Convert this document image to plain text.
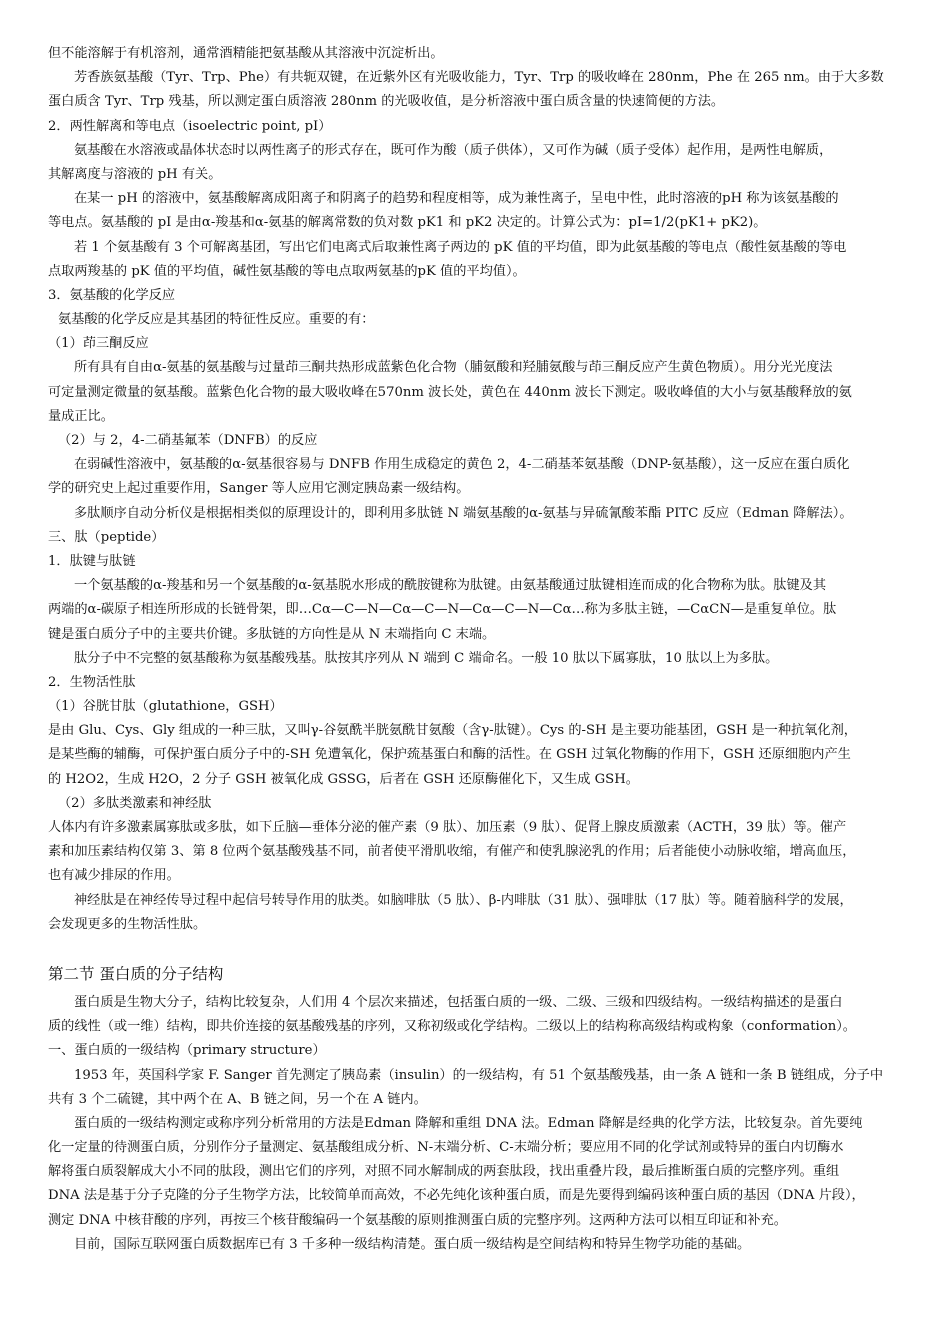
但不能溶解于有机溶剂，通常酒精能把氨基酸从其溶液中沉淀析出。
芳香族氨基酸（Tyr、Trp、Phe）有共轭双键，在近紫外区有光吸收能力，Tyr、Trp 的吸收峰在 280nm，Phe 在 265 nm。由于大多数
蛋白质含 Tyr、Trp 残基，所以测定蛋白质溶液 280nm 的光吸收值，是分析溶液中蛋白质含量的快速简便的方法。
2．两性解离和等电点（isoelectric point, pI）
氨基酸在水溶液或晶体状态时以两性离子的形式存在，既可作为酸（质子供体），又可作为碱（质子受体）起作用，是两性电解质，
其解离度与溶液的 pH 有关。
在某一 pH 的溶液中，氨基酸解离成阳离子和阴离子的趋势和程度相等，成为兼性离子，呈电中性，此时溶液的pH 称为该氨基酸的
等电点。氨基酸的 pI 是由α-羧基和α-氨基的解离常数的负对数 pK1 和 pK2 决定的。计算公式为：pI=1/2(pK1+ pK2)。
若 1 个氨基酸有 3 个可解离基团，写出它们电离式后取兼性离子两边的 pK 值的平均值，即为此氨基酸的等电点（酸性氨基酸的等电
点取两羧基的 pK 值的平均值，碱性氨基酸的等电点取两氨基的pK 值的平均值）。
3．氨基酸的化学反应
氨基酸的化学反应是其基团的特征性反应。重要的有：
（1）茚三酮反应
所有具有自由α-氨基的氨基酸与过量茚三酮共热形成蓝紫色化合物（脯氨酸和羟脯氨酸与茚三酮反应产生黄色物质）。用分光光度法
可定量测定微量的氨基酸。蓝紫色化合物的最大吸收峰在570nm 波长处，黄色在 440nm 波长下测定。吸收峰值的大小与氨基酸释放的氨
量成正比。
（2）与 2，4-二硝基氟苯（DNFB）的反应
在弱碱性溶液中，氨基酸的α-氨基很容易与 DNFB 作用生成稳定的黄色 2，4-二硝基苯氨基酸（DNP-氨基酸），这一反应在蛋白质化
学的研究史上起过重要作用，Sanger 等人应用它测定胰岛素一级结构。
多肽顺序自动分析仪是根据相类似的原理设计的，即利用多肽链 N 端氨基酸的α-氨基与异硫氰酸苯酯 PITC 反应（Edman 降解法）。
三、肽（peptide）
1．肽键与肽链
一个氨基酸的α-羧基和另一个氨基酸的α-氨基脱水形成的酰胺键称为肽键。由氨基酸通过肽键相连而成的化合物称为肽。肽键及其
两端的α-碳原子相连所形成的长链骨架，即…Cα—C—N—Cα—C—N—Cα—C—N—Cα…称为多肽主链，—CαCN—是重复单位。肽
键是蛋白质分子中的主要共价键。多肽链的方向性是从 N 末端指向 C 末端。
肽分子中不完整的氨基酸称为氨基酸残基。肽按其序列从 N 端到 C 端命名。一般 10 肽以下属寡肽，10 肽以上为多肽。
2．生物活性肽
（1）谷胱甘肽（glutathione，GSH）
是由 Glu、Cys、Gly 组成的一种三肽，又叫γ-谷氨酰半胱氨酰甘氨酸（含γ-肽键）。Cys 的-SH 是主要功能基团，GSH 是一种抗氧化剂，
是某些酶的辅酶，可保护蛋白质分子中的-SH 免遭氧化，保护巯基蛋白和酶的活性。在 GSH 过氧化物酶的作用下，GSH 还原细胞内产生
的 H2O2，生成 H2O，2 分子 GSH 被氧化成 GSSG，后者在 GSH 还原酶催化下，又生成 GSH。
（2）多肽类激素和神经肽
人体内有许多激素属寡肽或多肽，如下丘脑—垂体分泌的催产素（9 肽）、加压素（9 肽）、促肾上腺皮质激素（ACTH，39 肽）等。催产
素和加压素结构仅第 3、第 8 位两个氨基酸残基不同，前者使平滑肌收缩，有催产和使乳腺泌乳的作用；后者能使小动脉收缩，增高血压，
也有减少排尿的作用。
神经肽是在神经传导过程中起信号转导作用的肽类。如脑啡肽（5 肽）、β-内啡肽（31 肽）、强啡肽（17 肽）等。随着脑科学的发展，
会发现更多的生物活性肽。
第二节 蛋白质的分子结构
蛋白质是生物大分子，结构比较复杂，人们用 4 个层次来描述，包括蛋白质的一级、二级、三级和四级结构。一级结构描述的是蛋白
质的线性（或一维）结构，即共价连接的氨基酸残基的序列，又称初级或化学结构。二级以上的结构称高级结构或构象（conformation）。
一、蛋白质的一级结构（primary structure）
1953 年，英国科学家 F. Sanger 首先测定了胰岛素（insulin）的一级结构，有 51 个氨基酸残基，由一条 A 链和一条 B 链组成，分子中
共有 3 个二硫键，其中两个在 A、B 链之间，另一个在 A 链内。
蛋白质的一级结构测定或称序列分析常用的方法是Edman 降解和重组 DNA 法。Edman 降解是经典的化学方法，比较复杂。首先要纯
化一定量的待测蛋白质，分别作分子量测定、氨基酸组成分析、N-末端分析、C-末端分析；要应用不同的化学试剂或特异的蛋白内切酶水
解将蛋白质裂解成大小不同的肽段，测出它们的序列，对照不同水解制成的两套肽段，找出重叠片段，最后推断蛋白质的完整序列。重组
DNA 法是基于分子克隆的分子生物学方法，比较简单而高效，不必先纯化该种蛋白质，而是先要得到编码该种蛋白质的基因（DNA 片段），
测定 DNA 中核苷酸的序列，再按三个核苷酸编码一个氨基酸的原则推测蛋白质的完整序列。这两种方法可以相互印证和补充。
目前，国际互联网蛋白质数据库已有 3 千多种一级结构清楚。蛋白质一级结构是空间结构和特异生物学功能的基础。
